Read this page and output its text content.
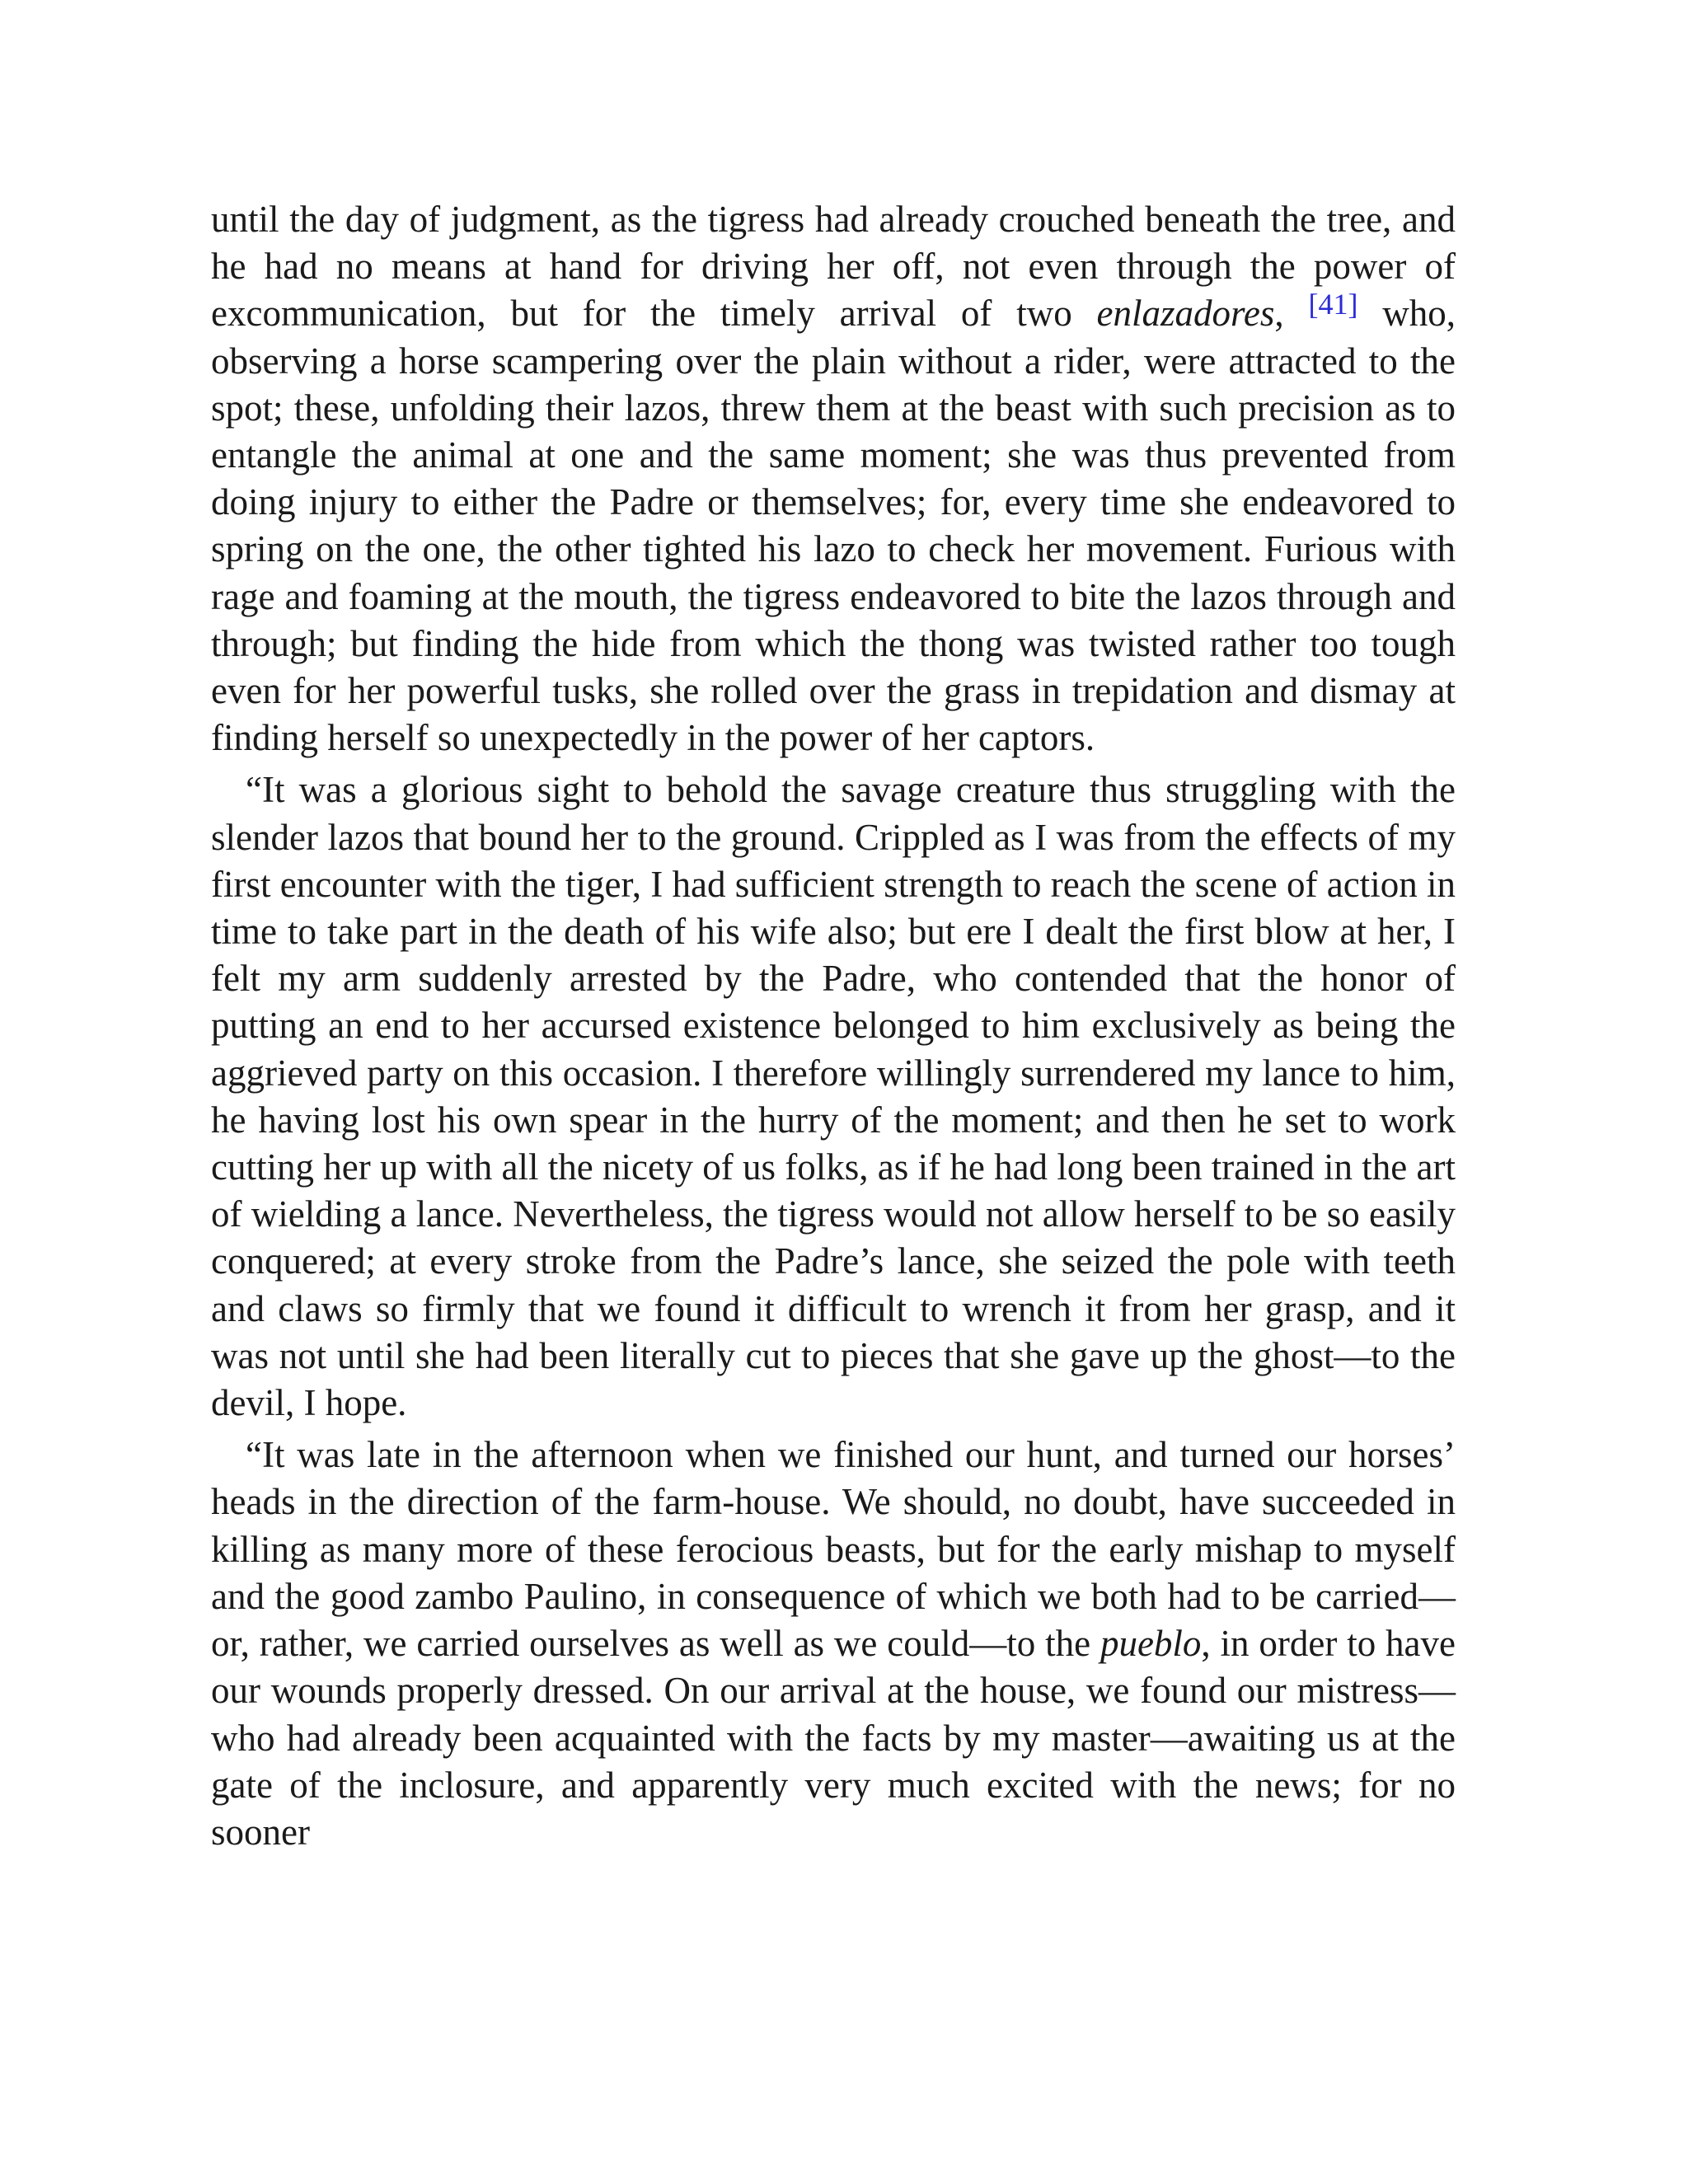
until the day of judgment, as the tigress had already crouched beneath the tree, and he had no means at hand for driving her off, not even through the power of excommunication, but for the timely arrival of two enlazadores, [41] who, observing a horse scampering over the plain without a rider, were attracted to the spot; these, unfolding their lazos, threw them at the beast with such precision as to entangle the animal at one and the same moment; she was thus prevented from doing injury to either the Padre or themselves; for, every time she endeavored to spring on the one, the other tighted his lazo to check her movement. Furious with rage and foaming at the mouth, the tigress endeavored to bite the lazos through and through; but finding the hide from which the thong was twisted rather too tough even for her powerful tusks, she rolled over the grass in trepidation and dismay at finding herself so unexpectedly in the power of her captors.

“It was a glorious sight to behold the savage creature thus struggling with the slender lazos that bound her to the ground. Crippled as I was from the effects of my first encounter with the tiger, I had sufficient strength to reach the scene of action in time to take part in the death of his wife also; but ere I dealt the first blow at her, I felt my arm suddenly arrested by the Padre, who contended that the honor of putting an end to her accursed existence belonged to him exclusively as being the aggrieved party on this occasion. I therefore willingly surrendered my lance to him, he having lost his own spear in the hurry of the moment; and then he set to work cutting her up with all the nicety of us folks, as if he had long been trained in the art of wielding a lance. Nevertheless, the tigress would not allow herself to be so easily conquered; at every stroke from the Padre’s lance, she seized the pole with teeth and claws so firmly that we found it difficult to wrench it from her grasp, and it was not until she had been literally cut to pieces that she gave up the ghost—to the devil, I hope.

“It was late in the afternoon when we finished our hunt, and turned our horses’ heads in the direction of the farm-house. We should, no doubt, have succeeded in killing as many more of these ferocious beasts, but for the early mishap to myself and the good zambo Paulino, in consequence of which we both had to be carried—or, rather, we carried ourselves as well as we could—to the pueblo, in order to have our wounds properly dressed. On our arrival at the house, we found our mistress—who had already been acquainted with the facts by my master—awaiting us at the gate of the inclosure, and apparently very much excited with the news; for no sooner
